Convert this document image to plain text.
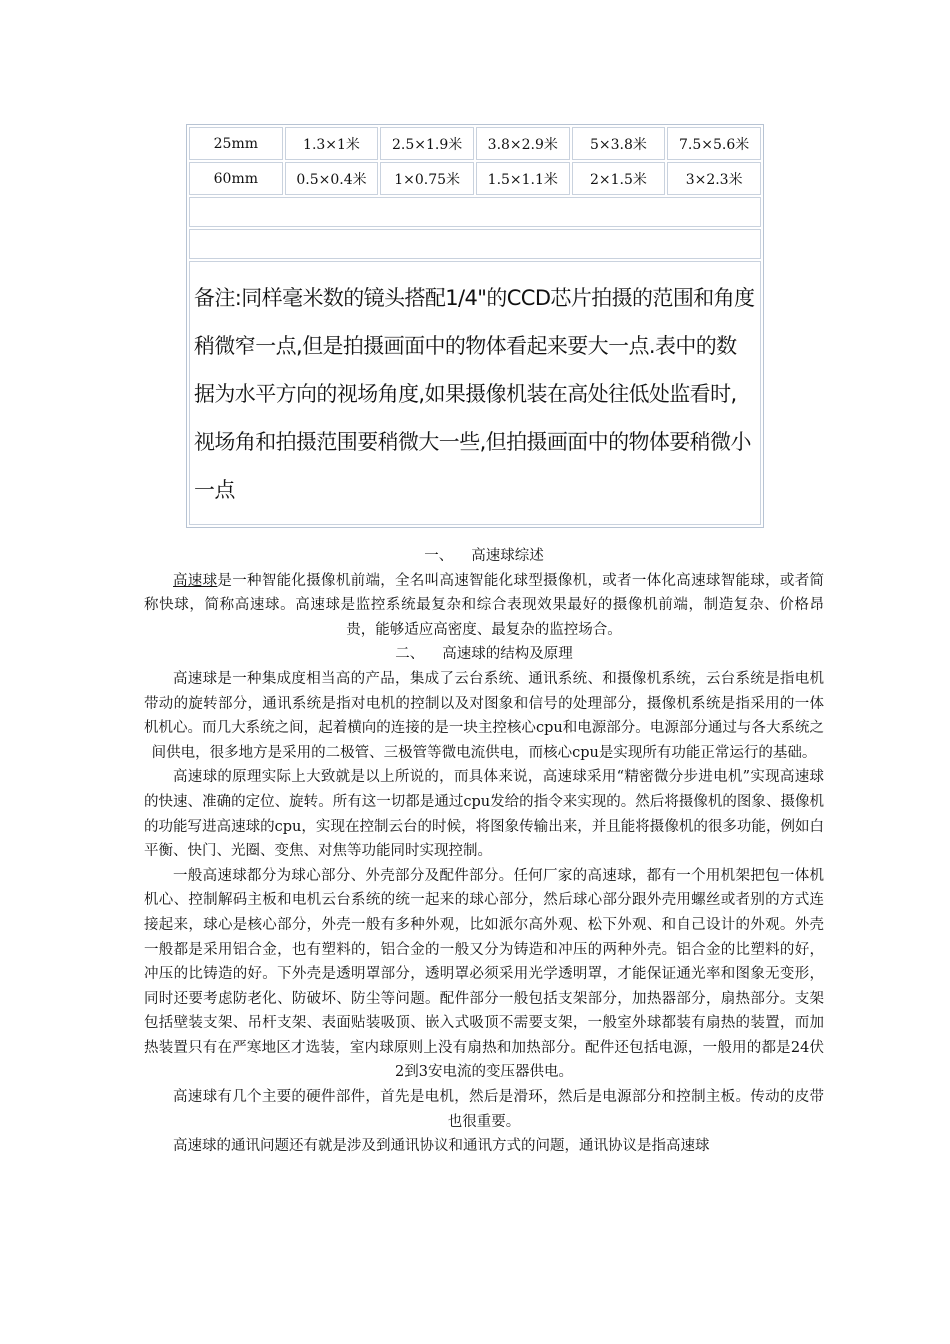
25mm	1.3×1米	2.5×1.9米	3.8×2.9米	5×3.8米	7.5×5.6米
60mm	0.5×0.4米	1×0.75米	1.5×1.1米	2×1.5米	3×2.3米

备注:同样毫米数的镜头搭配1/4"的CCD芯片拍摄的范围和角度稍微窄一点,但是拍摄画面中的物体看起来要大一点.表中的数据为水平方向的视场角度,如果摄像机装在高处往低处监看时,视场角和拍摄范围要稍微大一些,但拍摄画面中的物体要稍微小一点					

一、 高速球综述

高速球是一种智能化摄像机前端，全名叫高速智能化球型摄像机，或者一体化高速球智能球，或者简称快球，简称高速球。高速球是监控系统最复杂和综合表现效果最好的摄像机前端，制造复杂、价格昂贵，能够适应高密度、最复杂的监控场合。

二、 高速球的结构及原理

高速球是一种集成度相当高的产品，集成了云台系统、通讯系统、和摄像机系统，云台系统是指电机带动的旋转部分，通讯系统是指对电机的控制以及对图象和信号的处理部分，摄像机系统是指采用的一体机机心。而几大系统之间，起着横向的连接的是一块主控核心cpu和电源部分。电源部分通过与各大系统之间供电，很多地方是采用的二极管、三极管等微电流供电，而核心cpu是实现所有功能正常运行的基础。

高速球的原理实际上大致就是以上所说的，而具体来说，高速球采用“精密微分步进电机”实现高速球的快速、准确的定位、旋转。所有这一切都是通过cpu发给的指令来实现的。然后将摄像机的图象、摄像机的功能写进高速球的cpu，实现在控制云台的时候，将图象传输出来，并且能将摄像机的很多功能，例如白平衡、快门、光圈、变焦、对焦等功能同时实现控制。

一般高速球都分为球心部分、外壳部分及配件部分。任何厂家的高速球，都有一个用机架把包一体机机心、控制解码主板和电机云台系统的统一起来的球心部分，然后球心部分跟外壳用螺丝或者别的方式连接起来，球心是核心部分，外壳一般有多种外观，比如派尔高外观、松下外观、和自己设计的外观。外壳一般都是采用铝合金，也有塑料的，铝合金的一般又分为铸造和冲压的两种外壳。铝合金的比塑料的好，冲压的比铸造的好。下外壳是透明罩部分，透明罩必须采用光学透明罩，才能保证通光率和图象无变形，同时还要考虑防老化、防破坏、防尘等问题。配件部分一般包括支架部分，加热器部分，扇热部分。支架包括壁装支架、吊杆支架、表面贴装吸顶、嵌入式吸顶不需要支架，一般室外球都装有扇热的装置，而加热装置只有在严寒地区才选装，室内球原则上没有扇热和加热部分。配件还包括电源，一般用的都是24伏2到3安电流的变压器供电。

高速球有几个主要的硬件部件，首先是电机，然后是滑环，然后是电源部分和控制主板。传动的皮带也很重要。

高速球的通讯问题还有就是涉及到通讯协议和通讯方式的问题，通讯协议是指高速球
